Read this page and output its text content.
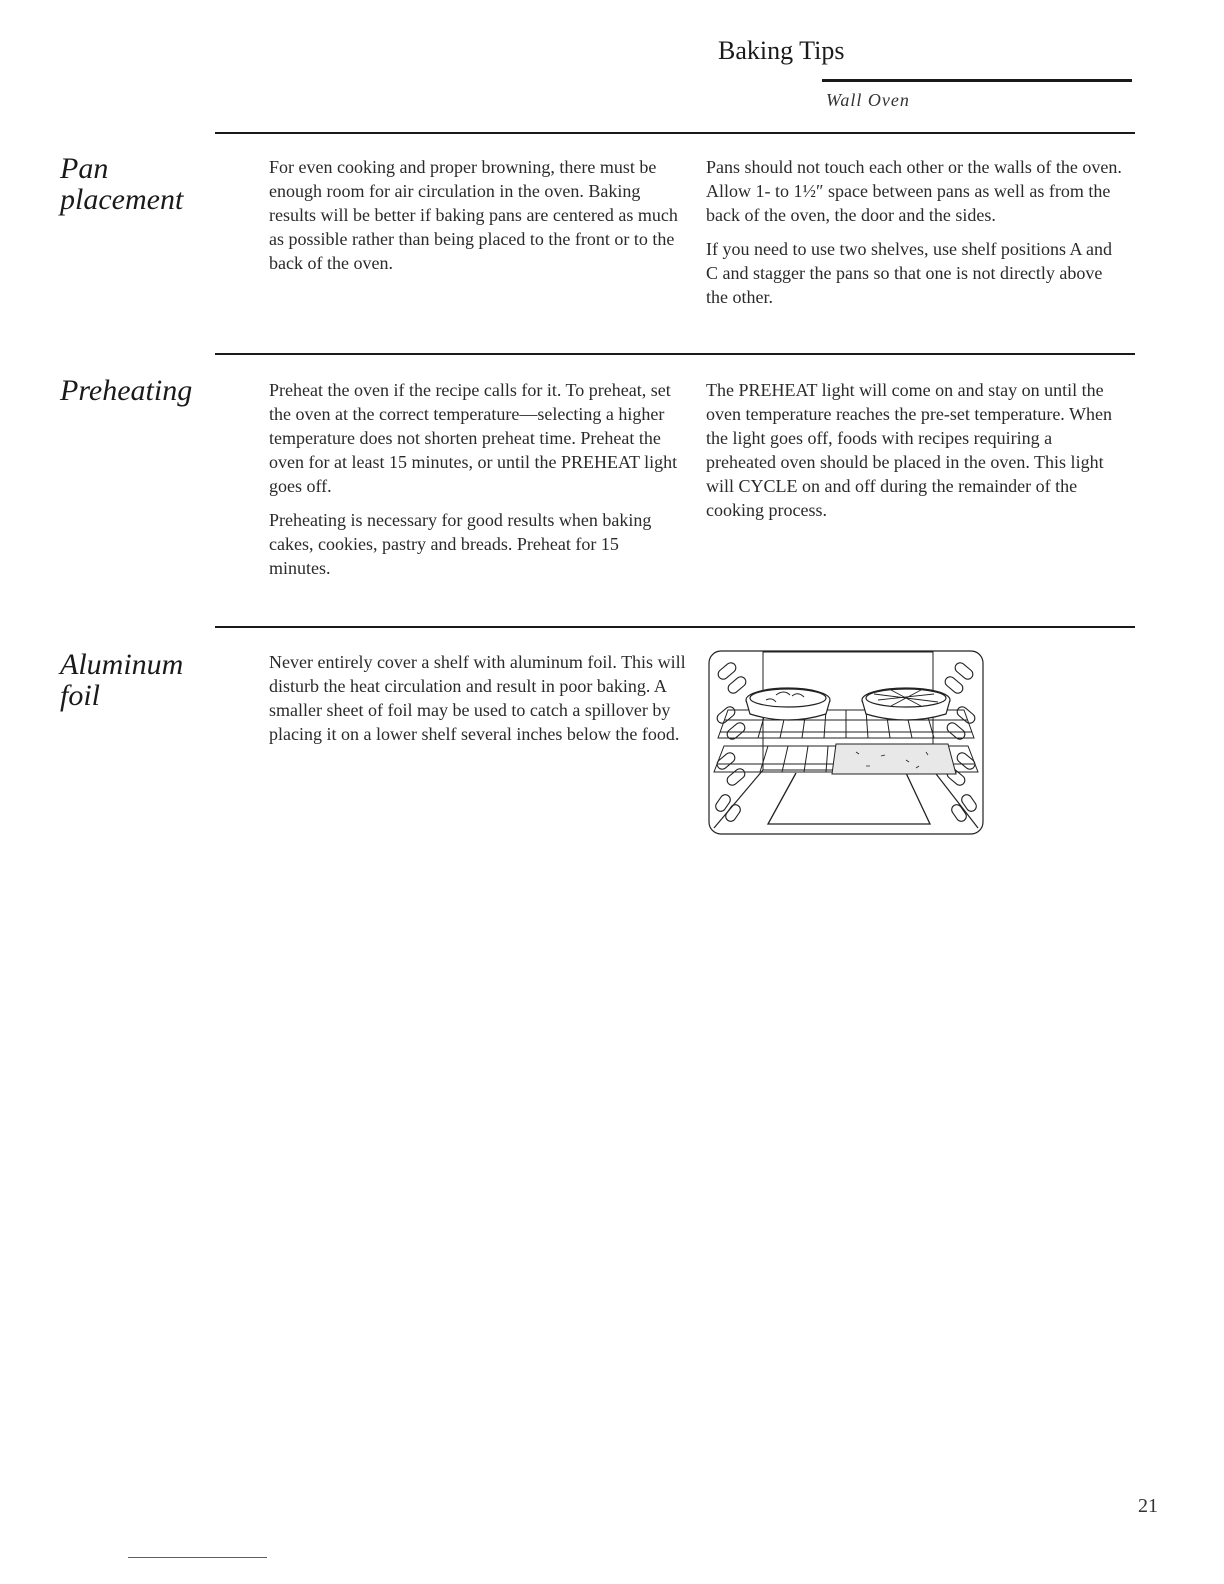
Baking Tips
Wall Oven
Pan
placement

For even cooking and proper browning, there must be enough room for air circulation in the oven. Baking results will be better if baking pans are centered as much as possible rather than being placed to the front or to the back of the oven.

Pans should not touch each other or the walls of the oven. Allow 1- to 1½″ space between pans as well as from the back of the oven, the door and the sides.

If you need to use two shelves, use shelf positions A and C and stagger the pans so that one is not directly above the other.

Preheating	Preheat the oven if the recipe calls for it. To preheat, set the oven at the correct temperature—selecting a higher temperature does not shorten preheat time. Preheat the oven for at least 15 minutes, or until the PREHEAT light goes off.

Preheating is necessary for good results when baking cakes, cookies, pastry and breads. Preheat for 15 minutes.

The PREHEAT light will come on and stay on until the oven temperature reaches the pre-set temperature. When the light goes off, foods with recipes requiring a preheated oven should be placed in the oven. This light will CYCLE on and off during the remainder of the cooking process.

Aluminum
foil

Never entirely cover a shelf with aluminum foil. This will disturb the heat circulation and result in poor baking. A smaller sheet of foil may be used to catch a spillover by placing it on a lower shelf several inches below the food.

21
